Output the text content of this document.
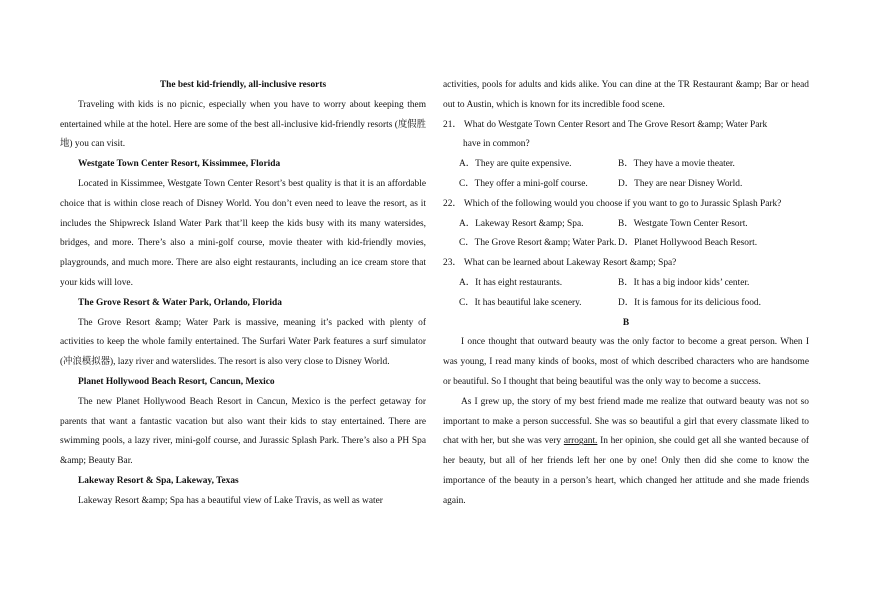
The best kid-friendly, all-inclusive resorts

Traveling with kids is no picnic, especially when you have to worry about keeping them entertained while at the hotel. Here are some of the best all-inclusive kid-friendly resorts (度假胜地) you can visit.

Westgate Town Center Resort, Kissimmee, Florida

Located in Kissimmee, Westgate Town Center Resort’s best quality is that it is an affordable choice that is within close reach of Disney World. You don’t even need to leave the resort, as it includes the Shipwreck Island Water Park that’ll keep the kids busy with its many watersides, bridges, and more. There’s also a mini-golf course, movie theater with kid-friendly movies, playgrounds, and much more. There are also eight restaurants, including an ice cream store that your kids will love.

The Grove Resort & Water Park, Orlando, Florida

The Grove Resort &amp; Water Park is massive, meaning it’s packed with plenty of activities to keep the whole family entertained. The Surfari Water Park features a surf simulator (冲浪模拟器), lazy river and waterslides. The resort is also very close to Disney World.

Planet Hollywood Beach Resort, Cancun, Mexico

The new Planet Hollywood Beach Resort in Cancun, Mexico is the perfect getaway for parents that want a fantastic vacation but also want their kids to stay entertained. There are swimming pools, a lazy river, mini-golf course, and Jurassic Splash Park. There’s also a PH Spa &amp; Beauty Bar.

Lakeway Resort & Spa, Lakeway, Texas

Lakeway Resort &amp; Spa has a beautiful view of Lake Travis, as well as water

activities, pools for adults and kids alike. You can dine at the TR Restaurant &amp; Bar or head out to Austin, which is known for its incredible food scene.

21． What do Westgate Town Center Resort and The Grove Resort &amp; Water Park

have in common?

A．They are quite expensive.	B．They have a movie theater.
C．They offer a mini-golf course.	D．They are near Disney World.

22． Which of the following would you choose if you want to go to Jurassic Splash Park?

A．Lakeway Resort &amp; Spa.	B．Westgate Town Center Resort.
C．The Grove Resort &amp; Water Park. D．Planet Hollywood Beach Resort.

23． What can be learned about Lakeway Resort &amp; Spa?

A．It has eight restaurants.	B．It has a big indoor kids’ center.
C．It has beautiful lake scenery.	D．It is famous for its delicious food.

B

I once thought that outward beauty was the only factor to become a great person. When I was young, I read many kinds of books, most of which described characters who are handsome or beautiful. So I thought that being beautiful was the only way to become a success.

As I grew up, the story of my best friend made me realize that outward beauty was not so important to make a person successful. She was so beautiful a girl that every classmate liked to chat with her, but she was very arrogant. In her opinion, she could get all she wanted because of her beauty, but all of her friends left her one by one! Only then did she come to know the importance of the beauty in a person’s heart, which changed her attitude and she made friends again.
